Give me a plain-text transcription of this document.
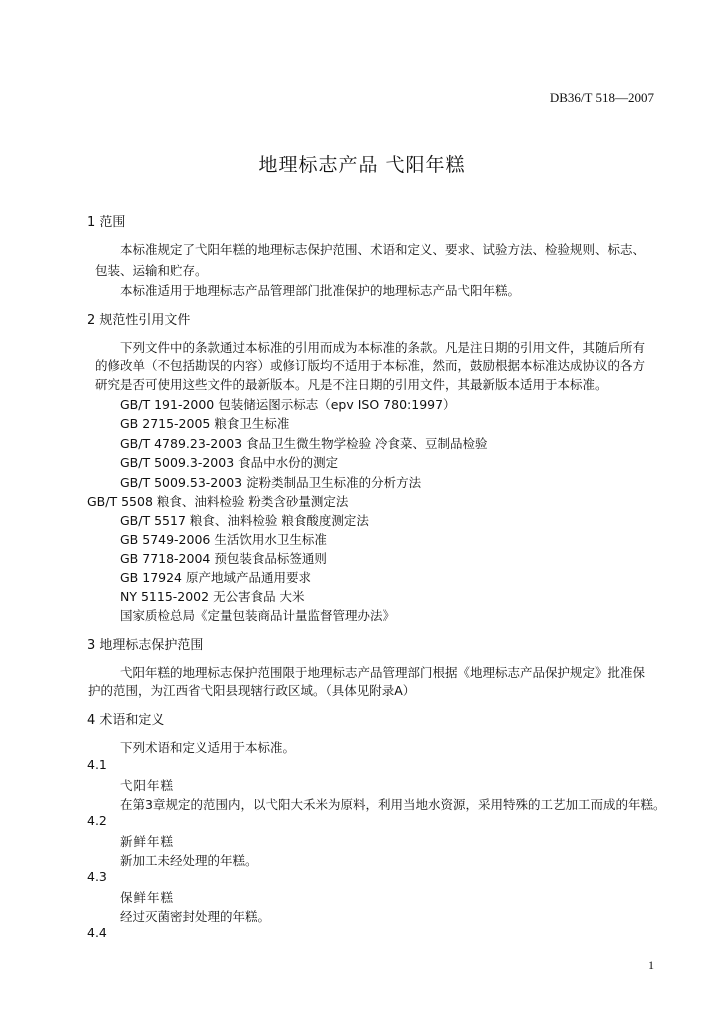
DB36/T 518—2007
地理标志产品 弋阳年糕
1 范围
本标准规定了弋阳年糕的地理标志保护范围、术语和定义、要求、试验方法、检验规则、标志、
包装、运输和贮存。
本标准适用于地理标志产品管理部门批准保护的地理标志产品弋阳年糕。
2 规范性引用文件
下列文件中的条款通过本标准的引用而成为本标准的条款。凡是注日期的引用文件，其随后所有
的修改单（不包括勘误的内容）或修订版均不适用于本标准，然而，鼓励根据本标准达成协议的各方
研究是否可使用这些文件的最新版本。凡是不注日期的引用文件，其最新版本适用于本标准。
GB/T 191-2000 包装储运图示标志（epv ISO 780:1997）
GB 2715-2005 粮食卫生标准
GB/T 4789.23-2003 食品卫生微生物学检验 冷食菜、豆制品检验
GB/T 5009.3-2003 食品中水份的测定
GB/T 5009.53-2003 淀粉类制品卫生标准的分析方法
GB/T 5508 粮食、油料检验 粉类含砂量测定法
GB/T 5517 粮食、油料检验 粮食酸度测定法
GB 5749-2006 生活饮用水卫生标准
GB 7718-2004 预包装食品标签通则
GB 17924 原产地域产品通用要求
NY 5115-2002 无公害食品 大米
国家质检总局《定量包装商品计量监督管理办法》
3 地理标志保护范围
弋阳年糕的地理标志保护范围限于地理标志产品管理部门根据《地理标志产品保护规定》批准保
护的范围，为江西省弋阳县现辖行政区域。（具体见附录A）
4 术语和定义
下列术语和定义适用于本标准。
4.1
弋阳年糕
在第3章规定的范围内，以弋阳大禾米为原料，利用当地水资源，采用特殊的工艺加工而成的年糕。
4.2
新鲜年糕
新加工未经处理的年糕。
4.3
保鲜年糕
经过灭菌密封处理的年糕。
4.4
1
